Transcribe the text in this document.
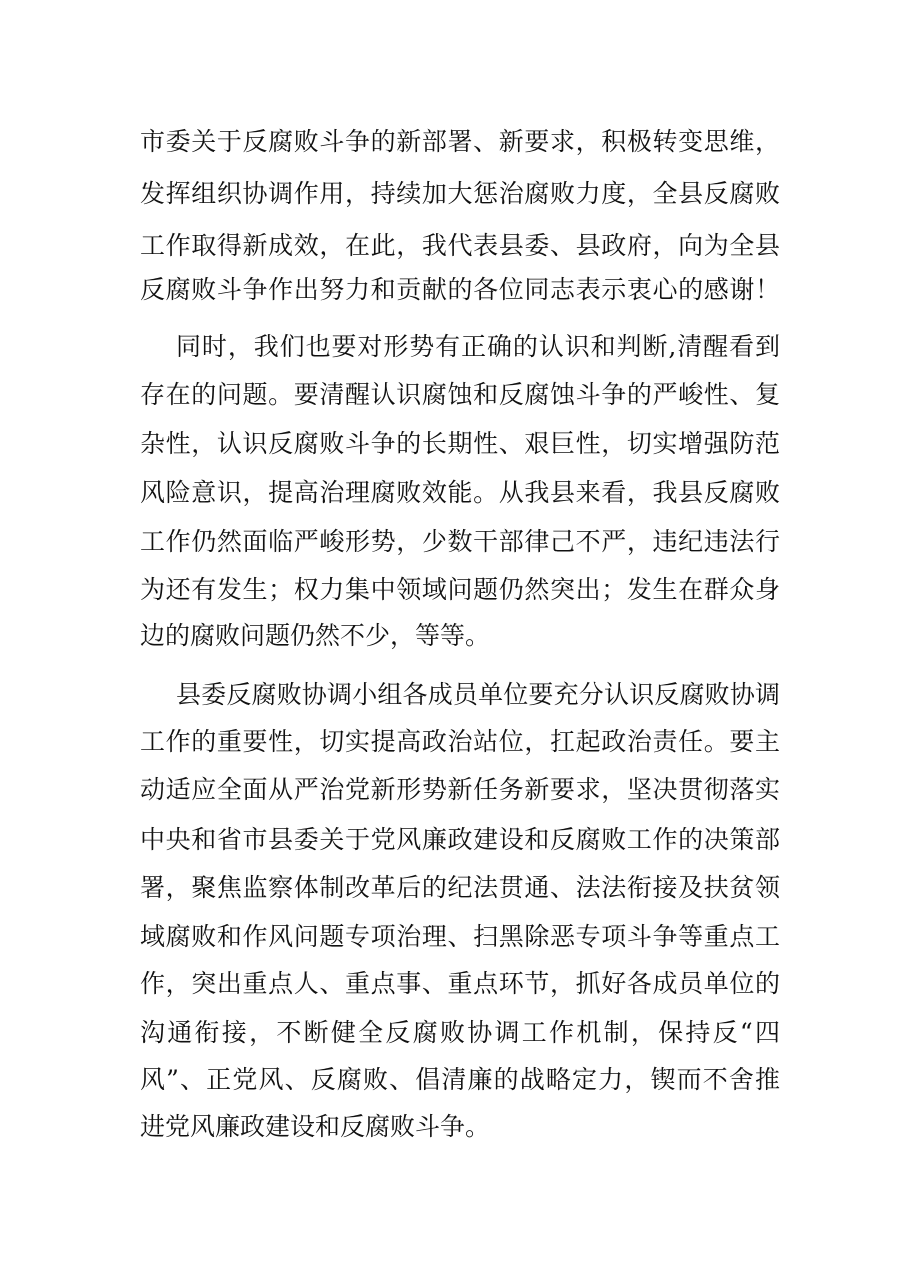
市委关于反腐败斗争的新部署、新要求，积极转变思维，
发挥组织协调作用，持续加大惩治腐败力度，全县反腐败
工作取得新成效，在此，我代表县委、县政府，向为全县
反腐败斗争作出努力和贡献的各位同志表示衷心的感谢！
同时，我们也要对形势有正确的认识和判断,清醒看到
存在的问题。要清醒认识腐蚀和反腐蚀斗争的严峻性、复
杂性，认识反腐败斗争的长期性、艰巨性，切实增强防范
风险意识，提高治理腐败效能。从我县来看，我县反腐败
工作仍然面临严峻形势，少数干部律己不严，违纪违法行
为还有发生；权力集中领域问题仍然突出；发生在群众身
边的腐败问题仍然不少，等等。
县委反腐败协调小组各成员单位要充分认识反腐败协调
工作的重要性，切实提高政治站位，扛起政治责任。要主
动适应全面从严治党新形势新任务新要求，坚决贯彻落实
中央和省市县委关于党风廉政建设和反腐败工作的决策部
署，聚焦监察体制改革后的纪法贯通、法法衔接及扶贫领
域腐败和作风问题专项治理、扫黑除恶专项斗争等重点工
作，突出重点人、重点事、重点环节，抓好各成员单位的
沟通衔接，不断健全反腐败协调工作机制，保持反“四
风”、正党风、反腐败、倡清廉的战略定力，锲而不舍推
进党风廉政建设和反腐败斗争。
